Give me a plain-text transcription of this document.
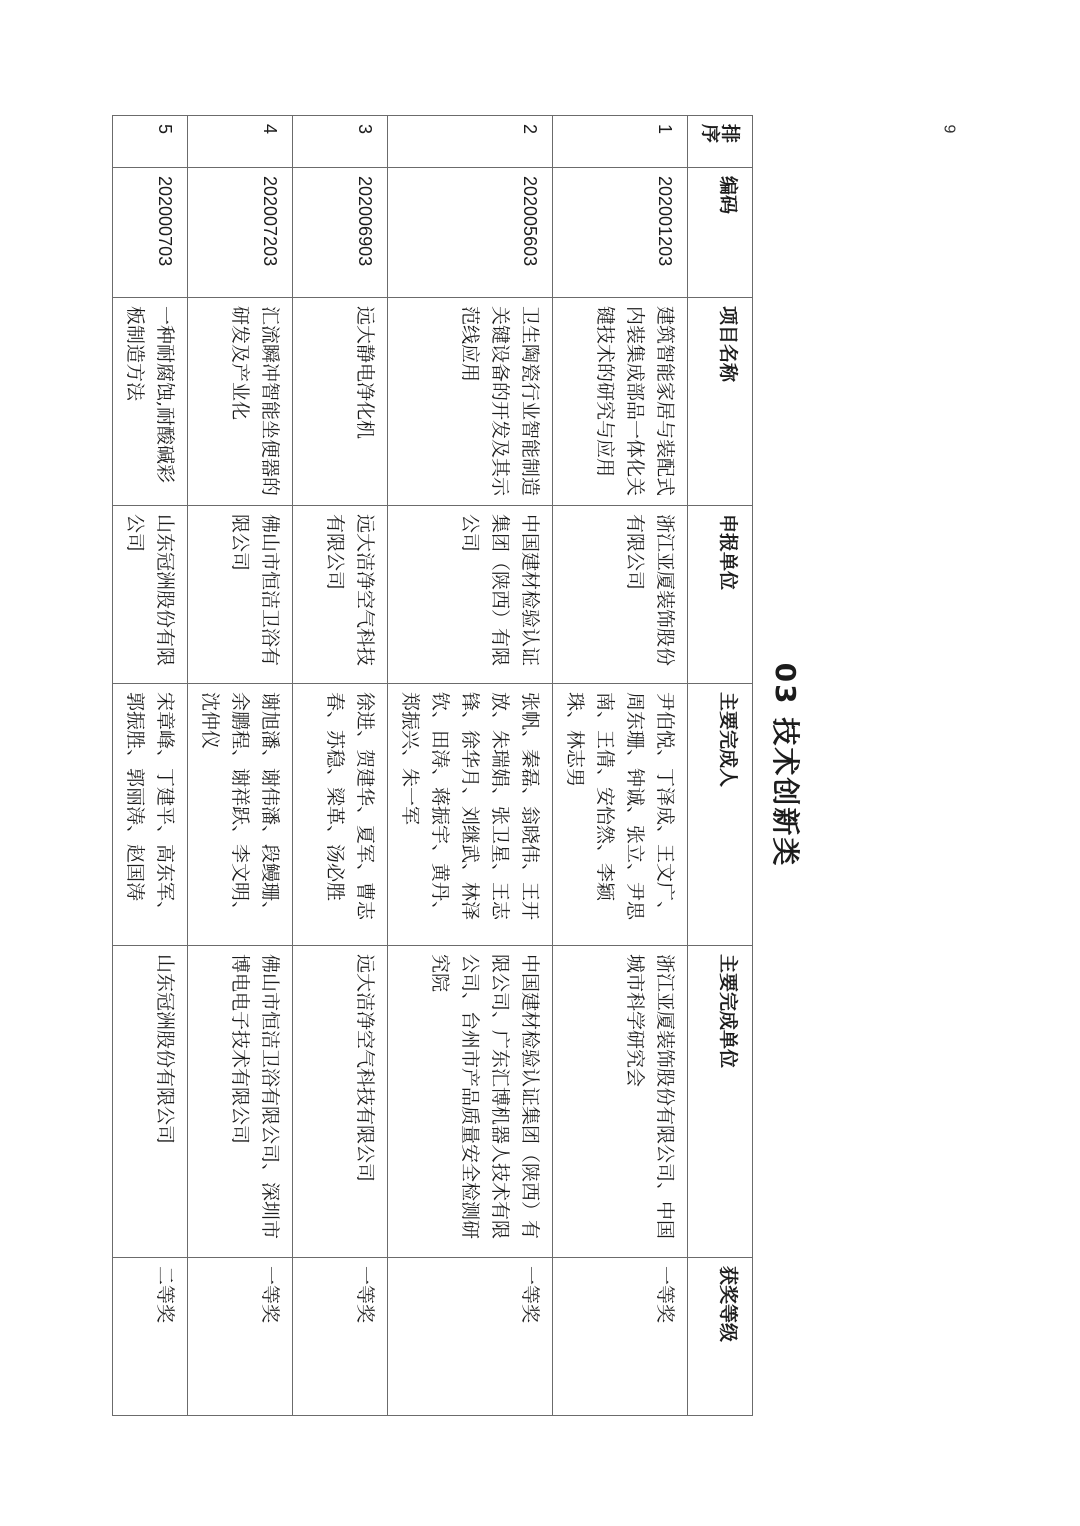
9
03 技术创新类
排序	编码	项目名称	申报单位	主要完成人	主要完成单位	获奖等级
1	202001203	建筑智能家居与装配式内装集成部品一体化关键技术的研究与应用	浙江亚厦装饰股份有限公司	尹伯悦、丁泽成、王文广、周东珊、钟诚、张立、尹思南、王倩、安怡然、李颖珠、林志男	浙江亚厦装饰股份有限公司、中国城市科学研究会	一等奖
2	202005603	卫生陶瓷行业智能制造关键设备的开发及其示范线应用	中国建材检验认证集团（陕西）有限公司	张帆、秦磊、翁晓伟、王开放、朱瑞娟、张卫星、王志锋、徐华月、刘继武、林泽钦、田涛、蒋振宇、黄丹、郑振兴、朱一军	中国建材检验认证集团（陕西）有限公司、广东汇博机器人技术有限公司、台州市产品质量安全检测研究院	一等奖
3	202006903	远大静电净化机	远大洁净空气科技有限公司	徐进、贺建华、夏军、曹志春、苏稳、梁革、汤必胜	远大洁净空气科技有限公司	一等奖
4	202007203	汇流瞬冲智能坐便器的研发及产业化	佛山市恒洁卫浴有限公司	谢旭潘、谢伟潘、段鳗珊、余鹏程、谢祥跃、李文明、沈仲仪	佛山市恒洁卫浴有限公司、深圳市博电电子技术有限公司	一等奖
5	202000703	一种耐腐蚀,耐酸碱彩板制造方法	山东冠洲股份有限公司	宋章峰、丁建平、高东军、郭振胜、郭丽涛、赵国涛	山东冠洲股份有限公司	二等奖
